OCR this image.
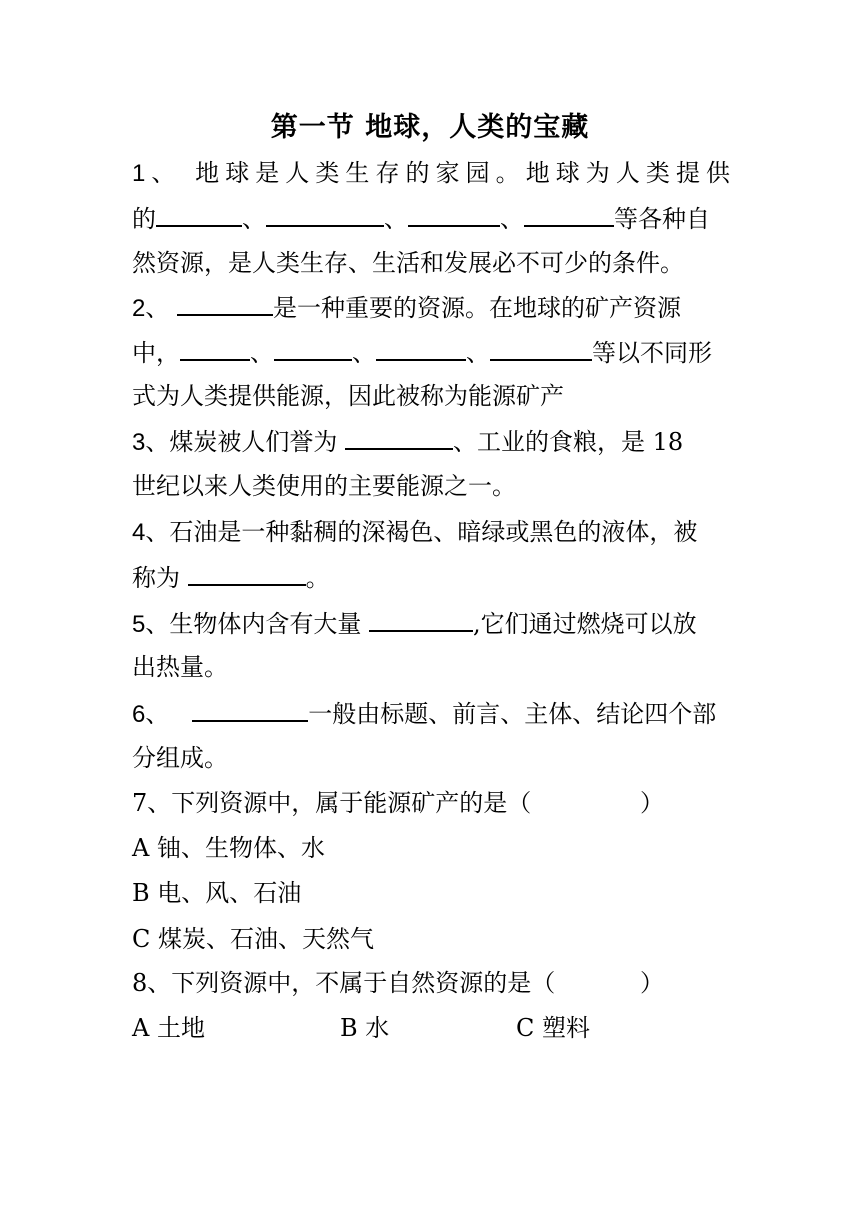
第一节 地球，人类的宝藏
1、 地球是人类生存的家园。地球为人类提供
的	、	、	、	等各种自
然资源，是人类生存、生活和发展必不可少的条件。
2、	是一种重要的资源。在地球的矿产资源
中，	、	、	、	等以不同形
式为人类提供能源，因此被称为能源矿产
3、煤炭被人们誉为	、工业的食粮，是 18
世纪以来人类使用的主要能源之一。
4、石油是一种黏稠的深褐色、暗绿或黑色的液体，被
称为	。
5、生物体内含有大量	,它们通过燃烧可以放
出热量。
6、	一般由标题、前言、主体、结论四个部
分组成。
7、下列资源中，属于能源矿产的是（	）
A 铀、生物体、水
B 电、风、石油
C 煤炭、石油、天然气
8、下列资源中，不属于自然资源的是（	）
A 土地	B 水	C 塑料
